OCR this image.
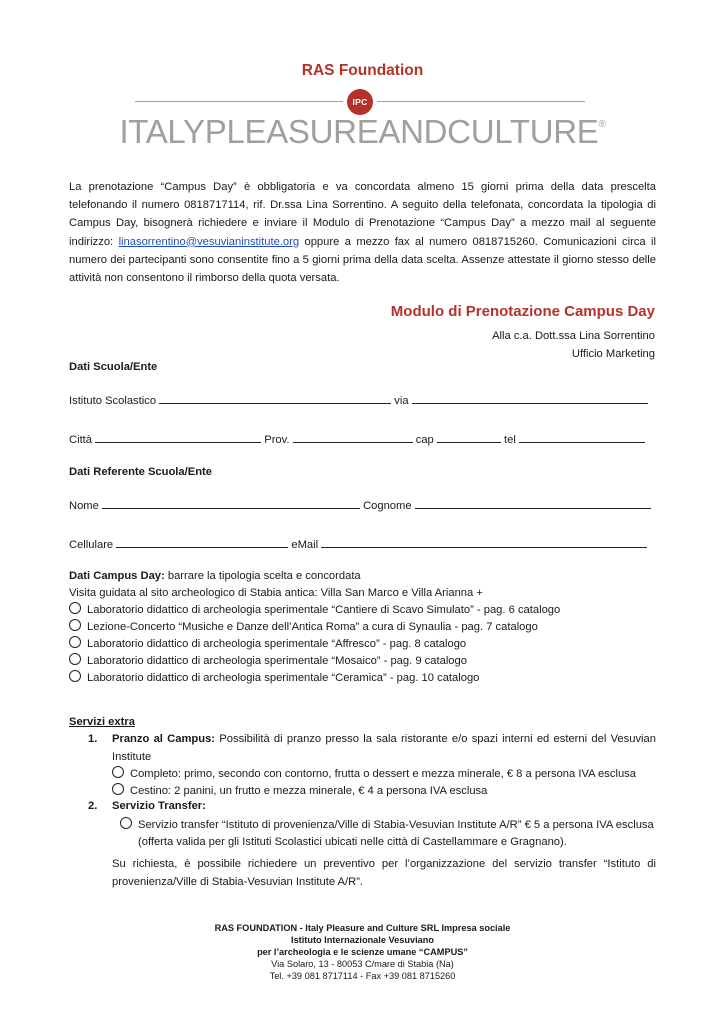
RAS Foundation
IPC
ITALYPLEASUREANDCULTURE®
La prenotazione “Campus Day” è obbligatoria e va concordata almeno 15 giorni prima della data prescelta telefonando il numero 0818717114, rif. Dr.ssa Lina Sorrentino. A seguito della telefonata, concordata la tipologia di Campus Day, bisognerà richiedere e inviare il Modulo di Prenotazione “Campus Day” a mezzo mail al seguente indirizzo: linasorrentino@vesuvianinstitute.org oppure a mezzo fax al numero 0818715260. Comunicazioni circa il numero dei partecipanti sono consentite fino a 5 giorni prima della data scelta. Assenze attestate il giorno stesso delle attività non consentono il rimborso della quota versata.
Modulo di Prenotazione Campus Day
Alla c.a. Dott.ssa Lina Sorrentino
Ufficio Marketing
Dati Scuola/Ente
Istituto Scolastico	via
Città	Prov.	cap	tel
Dati Referente Scuola/Ente
Nome	Cognome
Cellulare	eMail
Dati Campus Day: barrare la tipologia scelta e concordata
Visita guidata al sito archeologico di Stabia antica: Villa San Marco e Villa Arianna +
Laboratorio didattico di archeologia sperimentale “Cantiere di Scavo Simulato” - pag. 6 catalogo
Lezione-Concerto “Musiche e Danze dell’Antica Roma” a cura di Synaulia - pag. 7 catalogo
Laboratorio didattico di archeologia sperimentale “Affresco” - pag. 8 catalogo
Laboratorio didattico di archeologia sperimentale “Mosaico” - pag. 9 catalogo
Laboratorio didattico di archeologia sperimentale “Ceramica” - pag. 10 catalogo
Servizi extra
1. Pranzo al Campus: Possibilità di pranzo presso la sala ristorante e/o spazi interni ed esterni del Vesuvian Institute
Completo: primo, secondo con contorno, frutta o dessert e mezza minerale, € 8 a persona IVA esclusa
Cestino: 2 panini, un frutto e mezza minerale, € 4 a persona IVA esclusa
2. Servizio Transfer:
Servizio transfer “Istituto di provenienza/Ville di Stabia-Vesuvian Institute A/R” € 5 a persona IVA esclusa
(offerta valida per gli Istituti Scolastici ubicati nelle città di Castellammare e Gragnano).
Su richiesta, è possibile richiedere un preventivo per l’organizzazione del servizio transfer “Istituto di provenienza/Ville di Stabia-Vesuvian Institute A/R”.
RAS FOUNDATION - Italy Pleasure and Culture SRL Impresa sociale
Istituto Internazionale Vesuviano
per l’archeologia e le scienze umane “CAMPUS”
Via Solaro, 13 - 80053 C/mare di Stabia (Na)
Tel. +39 081 8717114 - Fax +39 081 8715260
